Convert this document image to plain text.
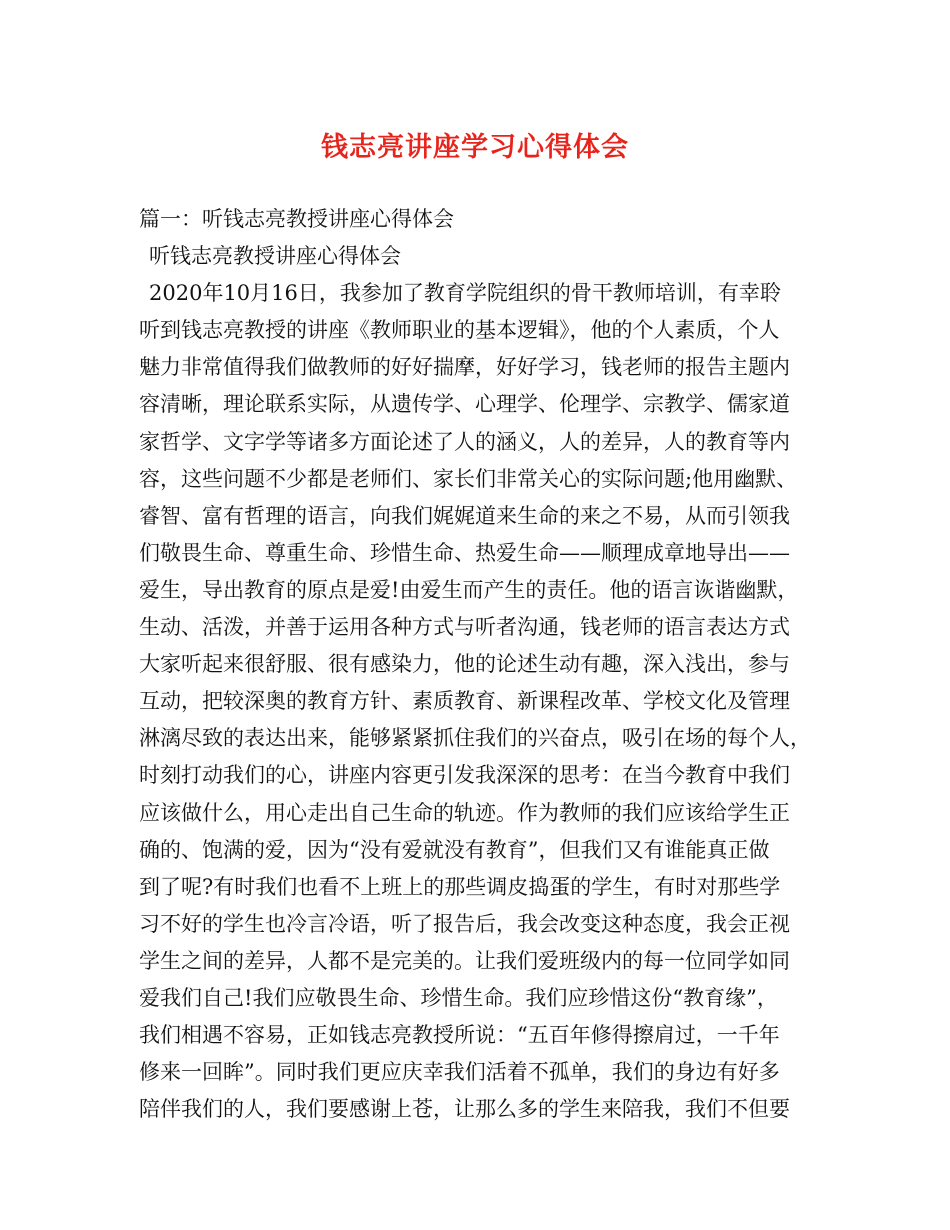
钱志亮讲座学习心得体会
篇一：听钱志亮教授讲座心得体会
听钱志亮教授讲座心得体会
2020年10月16日，我参加了教育学院组织的骨干教师培训，有幸聆
听到钱志亮教授的讲座《教师职业的基本逻辑》，他的个人素质，个人
魅力非常值得我们做教师的好好揣摩，好好学习，钱老师的报告主题内
容清晰，理论联系实际，从遗传学、心理学、伦理学、宗教学、儒家道
家哲学、文字学等诸多方面论述了人的涵义，人的差异，人的教育等内
容，这些问题不少都是老师们、家长们非常关心的实际问题;他用幽默、
睿智、富有哲理的语言，向我们娓娓道来生命的来之不易，从而引领我
们敬畏生命、尊重生命、珍惜生命、热爱生命——顺理成章地导出——
爱生，导出教育的原点是爱!由爱生而产生的责任。他的语言诙谐幽默，
生动、活泼，并善于运用各种方式与听者沟通，钱老师的语言表达方式
大家听起来很舒服、很有感染力，他的论述生动有趣，深入浅出，参与
互动，把较深奥的教育方针、素质教育、新课程改革、学校文化及管理
淋漓尽致的表达出来，能够紧紧抓住我们的兴奋点，吸引在场的每个人，
时刻打动我们的心，讲座内容更引发我深深的思考：在当今教育中我们
应该做什么，用心走出自己生命的轨迹。作为教师的我们应该给学生正
确的、饱满的爱，因为“没有爱就没有教育”，但我们又有谁能真正做
到了呢?有时我们也看不上班上的那些调皮捣蛋的学生，有时对那些学
习不好的学生也冷言冷语，听了报告后，我会改变这种态度，我会正视
学生之间的差异，人都不是完美的。让我们爱班级内的每一位同学如同
爱我们自己!我们应敬畏生命、珍惜生命。我们应珍惜这份“教育缘”，
我们相遇不容易，正如钱志亮教授所说：“五百年修得擦肩过，一千年
修来一回眸”。同时我们更应庆幸我们活着不孤单，我们的身边有好多
陪伴我们的人，我们要感谢上苍，让那么多的学生来陪我，我们不但要
